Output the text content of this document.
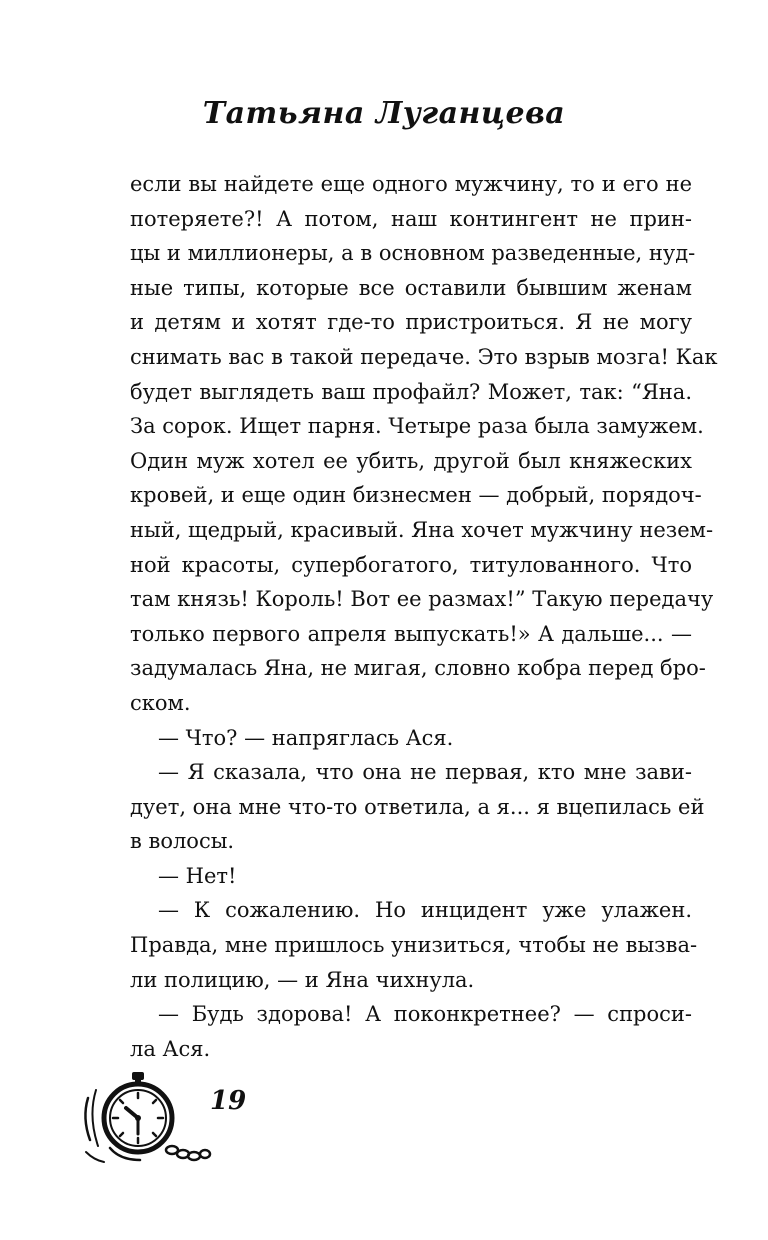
Татьяна Луганцева
если вы найдете еще одного мужчину, то и его не
потеряете?! А потом, наш контингент не прин-
цы и миллионеры, а в основном разведенные, нуд-
ные типы, которые все оставили бывшим женам
и детям и хотят где-то пристроиться. Я не могу
снимать вас в такой передаче. Это взрыв мозга! Как
будет выглядеть ваш профайл? Может, так: “Яна.
За сорок. Ищет парня. Четыре раза была замужем.
Один муж хотел ее убить, другой был княжеских
кровей, и еще один бизнесмен — добрый, порядоч-
ный, щедрый, красивый. Яна хочет мужчину незем-
ной красоты, супербогатого, титулованного. Что
там князь! Король! Вот ее размах!” Такую передачу
только первого апреля выпускать!» А дальше... —
задумалась Яна, не мигая, словно кобра перед бро-
ском.
— Что? — напряглась Ася.
— Я сказала, что она не первая, кто мне зави-
дует, она мне что-то ответила, а я... я вцепилась ей
в волосы.
— Нет!
— К сожалению. Но инцидент уже улажен.
Правда, мне пришлось унизиться, чтобы не вызва-
ли полицию, — и Яна чихнула.
— Будь здорова! А поконкретнее? — спроси-
ла Ася.
19
